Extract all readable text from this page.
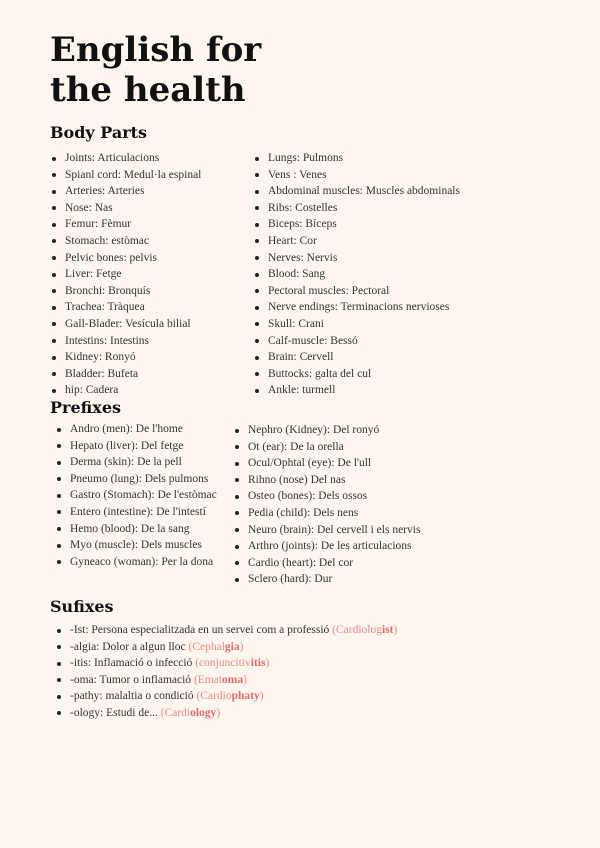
English for
the health
Body Parts
Joints: Articulacions
Spianl cord: Medul·la espinal
Arteries: Arteries
Nose: Nas
Femur: Fèmur
Stomach: estòmac
Pelvic bones: pelvis
Liver: Fetge
Bronchi: Bronquís
Trachea: Tràquea
Gall-Blader: Vesícula bilial
Intestins: Intestins
Kidney: Ronyó
Bladder: Bufeta
hip: Cadera
Lungs: Pulmons
Vens : Venes
Abdominal muscles: Muscles abdominals
Ribs: Costelles
Biceps: Bíceps
Heart: Cor
Nerves: Nervis
Blood: Sang
Pectoral muscles: Pectoral
Nerve endings: Terminacions nervioses
Skull: Crani
Calf-muscle: Bessó
Brain: Cervell
Buttocks: galta del cul
Ankle: turmell
Prefixes
Andro (men): De l'home
Hepato (liver): Del fetge
Derma (skin): De la pell
Pneumo (lung): Dels pulmons
Gastro (Stomach): De l'estòmac
Entero (intestine): De l'intestí
Hemo (blood): De la sang
Myo (muscle): Dels muscles
Gyneaco (woman): Per la dona
Nephro (Kidney): Del ronyó
Ot (ear): De la orella
Ocul/Ophtal (eye): De l'ull
Rihno (nose) Del nas
Osteo (bones): Dels ossos
Pedia (child): Dels nens
Neuro (brain): Del cervell i els nervis
Arthro (joints): De les articulacions
Cardio (heart): Del cor
Sclero (hard): Dur
Sufixes
-Ist: Persona especialitzada en un servei com a professió (Cardiologist)
-algia: Dolor a algun lloc (Cephalgia)
-itis: Inflamació o infecció (conjuncitivitis)
-oma: Tumor o inflamació (Ematoma)
-pathy: malaltia o condició (Cardiophaty)
-ology: Estudi de... (Cardiology)
